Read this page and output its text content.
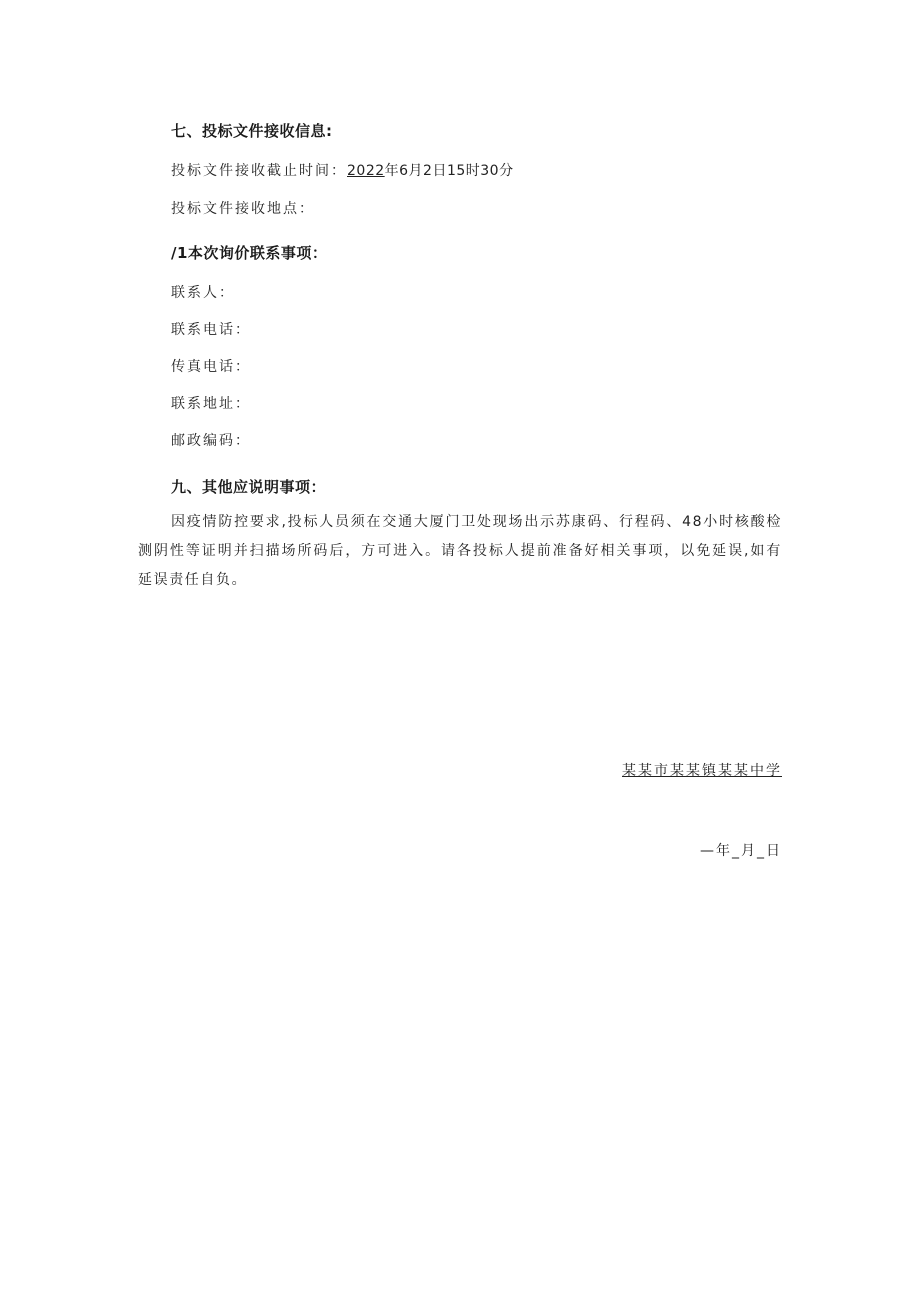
七、投标文件接收信息:
投标文件接收截止时间：2022年6月2日15时30分
投标文件接收地点：
/1本次询价联系事项：
联系人：
联系电话：
传真电话：
联系地址：
邮政编码：
九、其他应说明事项：

因疫情防控要求,投标人员须在交通大厦门卫处现场出示苏康码、行程码、48小时核酸检测阴性等证明并扫描场所码后，方可进入。请各投标人提前准备好相关事项，以免延误,如有延误责任自负。

某某市某某镇某某中学
—年_月_日
